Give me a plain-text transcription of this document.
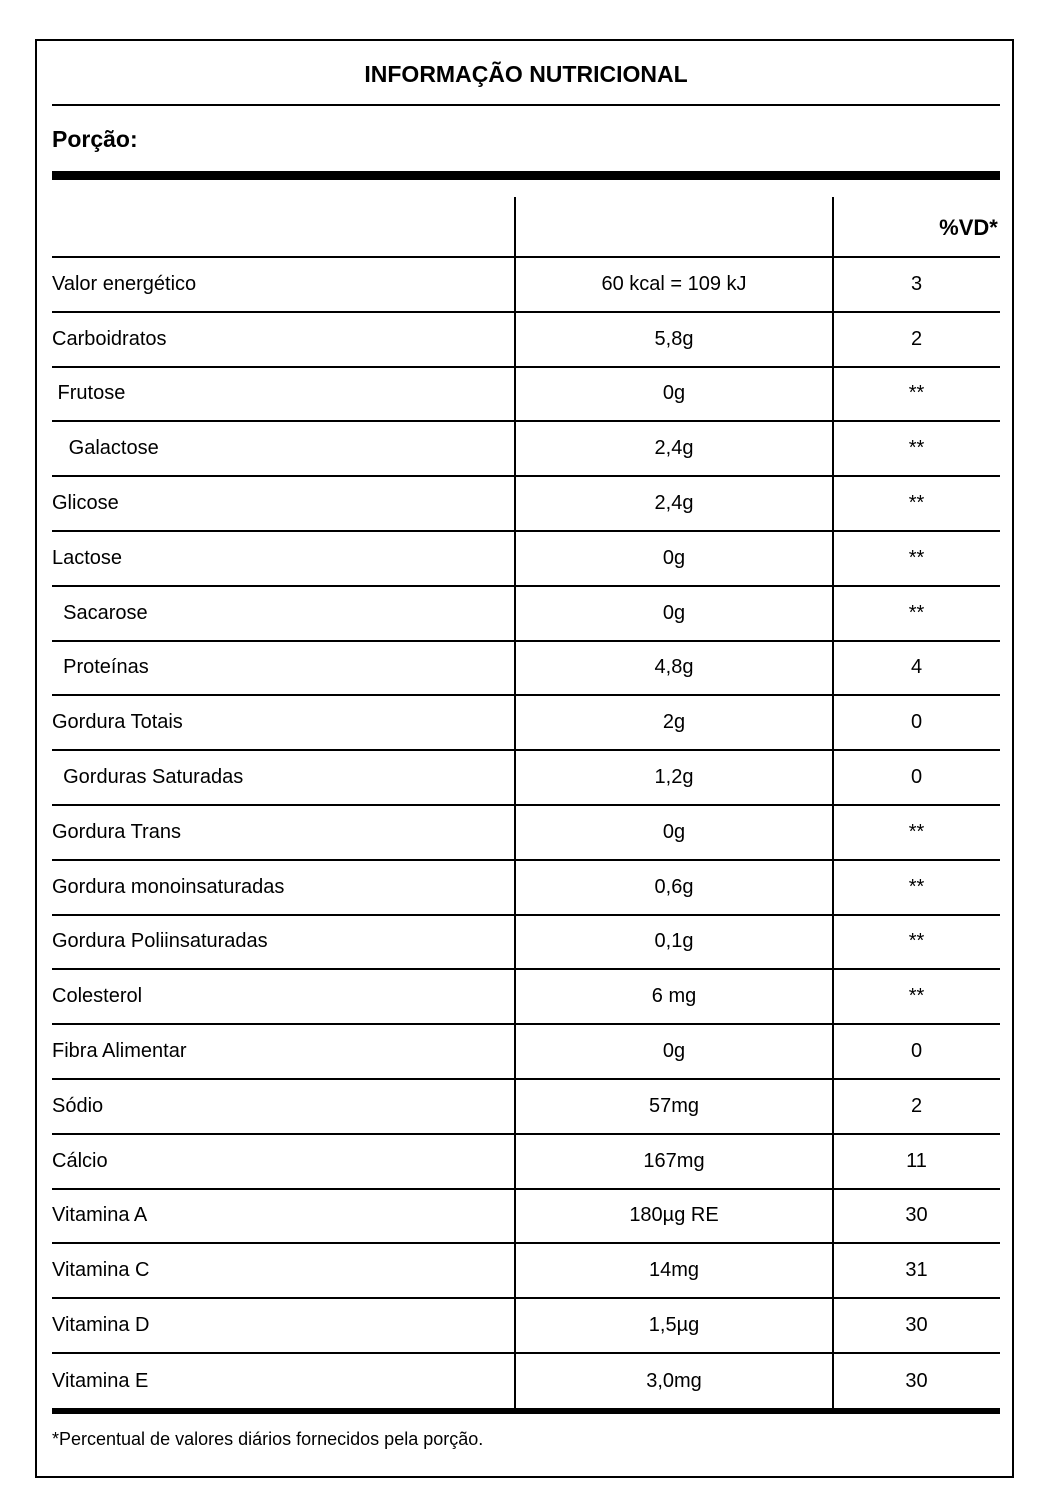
INFORMAÇÃO NUTRICIONAL
Porção:
%VD*
Valor energético	60 kcal = 109 kJ	3
Carboidratos	5,8g	2
Frutose	0g	**
Galactose	2,4g	**
Glicose	2,4g	**
Lactose	0g	**
Sacarose	0g	**
Proteínas	4,8g	4
Gordura Totais	2g	0
Gorduras Saturadas	1,2g	0
Gordura Trans	0g	**
Gordura monoinsaturadas	0,6g	**
Gordura Poliinsaturadas	0,1g	**
Colesterol	6 mg	**
Fibra Alimentar	0g	0
Sódio	57mg	2
Cálcio	167mg	11
Vitamina A	180µg RE	30
Vitamina C	14mg	31
Vitamina D	1,5µg	30
Vitamina E	3,0mg	30
*Percentual de valores diários fornecidos pela porção.
